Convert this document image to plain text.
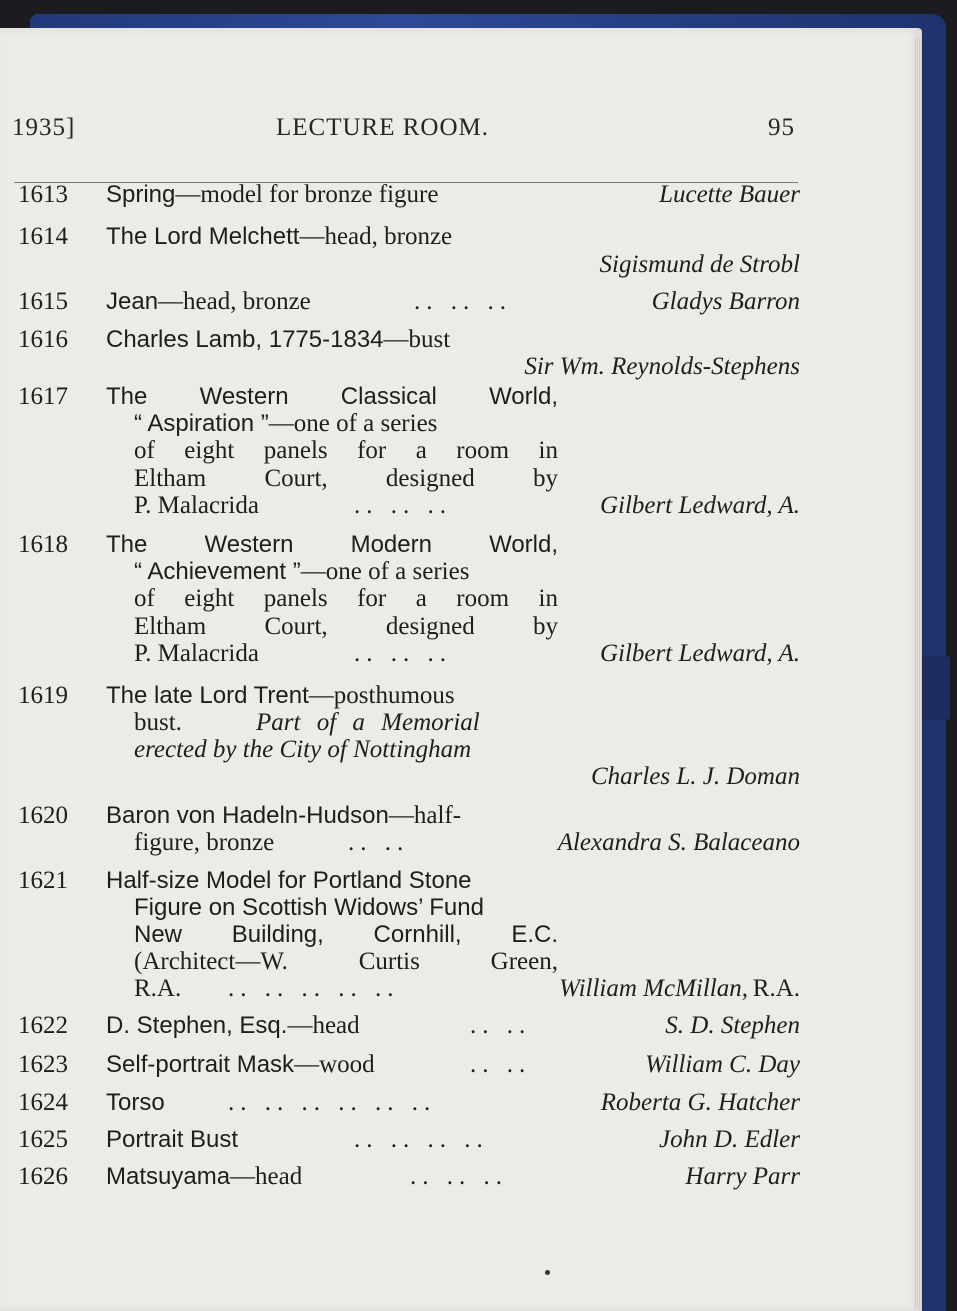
1935]	LECTURE ROOM.	95
1613 Spring—model for bronze figure	Lucette Bauer
1614 The Lord Melchett—head, bronze
Sigismund de Strobl
1615 Jean—head, bronze	.. .. ..	Gladys Barron
1616 Charles Lamb, 1775-1834—bust
Sir Wm. Reynolds-Stephens
1617 The Western Classical World,
“ Aspiration ”—one of a series
of eight panels for a room in
Eltham Court, designed by
P. Malacrida	.. .. ..	Gilbert Ledward, A.
1618 The Western Modern World,
“ Achievement ”—one of a series
of eight panels for a room in
Eltham Court, designed by
P. Malacrida	.. .. ..	Gilbert Ledward, A.
1619 The late Lord Trent—posthumous
bust.	Part of a Memorial
erected by the City of Nottingham
Charles L. J. Doman
1620 Baron von Hadeln-Hudson—half-
figure, bronze	.. ..	Alexandra S. Balaceano
1621 Half-size Model for Portland Stone
Figure on Scottish Widows’ Fund
New Building, Cornhill, E.C.
(Architect—W. Curtis Green,
R.A. .. .. .. .. ..	William McMillan, R.A.
1622 D. Stephen, Esq.—head	.. ..	S. D. Stephen
1623 Self-portrait Mask—wood	.. ..	William C. Day
1624 Torso	.. .. .. .. .. ..	Roberta G. Hatcher
1625 Portrait Bust	.. .. .. ..	John D. Edler
1626 Matsuyama—head	.. .. ..	Harry Parr
